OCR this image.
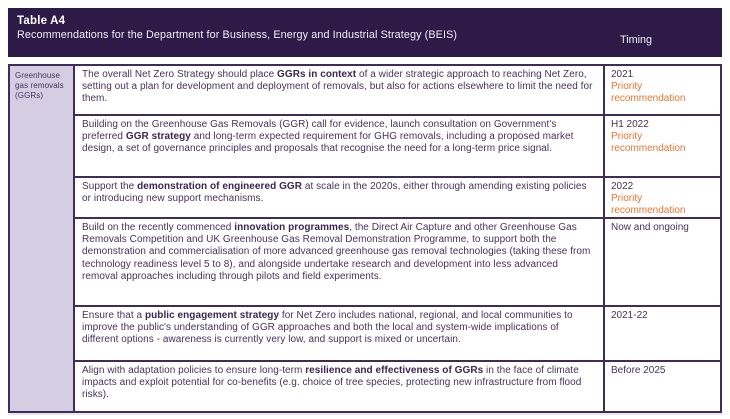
Table A4
Recommendations for the Department for Business, Energy and Industrial Strategy (BEIS)	Timing
Greenhouse gas removals (GGRs)
The overall Net Zero Strategy should place GGRs in context of a wider strategic approach to reaching Net Zero, setting out a plan for development and deployment of removals, but also for actions elsewhere to limit the need for them.
2021
Priority recommendation
Building on the Greenhouse Gas Removals (GGR) call for evidence, launch consultation on Government's preferred GGR strategy and long-term expected requirement for GHG removals, including a proposed market design, a set of governance principles and proposals that recognise the need for a long-term price signal.
H1 2022
Priority recommendation
Support the demonstration of engineered GGR at scale in the 2020s, either through amending existing policies or introducing new support mechanisms.
2022
Priority recommendation
Build on the recently commenced innovation programmes, the Direct Air Capture and other Greenhouse Gas Removals Competition and UK Greenhouse Gas Removal Demonstration Programme, to support both the demonstration and commercialisation of more advanced greenhouse gas removal technologies (taking these from technology readiness level 5 to 8), and alongside undertake research and development into less advanced removal approaches including through pilots and field experiments.
Now and ongoing
Ensure that a public engagement strategy for Net Zero includes national, regional, and local communities to improve the public's understanding of GGR approaches and both the local and system-wide implications of different options - awareness is currently very low, and support is mixed or uncertain.
2021-22
Align with adaptation policies to ensure long-term resilience and effectiveness of GGRs in the face of climate impacts and exploit potential for co-benefits (e.g. choice of tree species, protecting new infrastructure from flood risks).
Before 2025
